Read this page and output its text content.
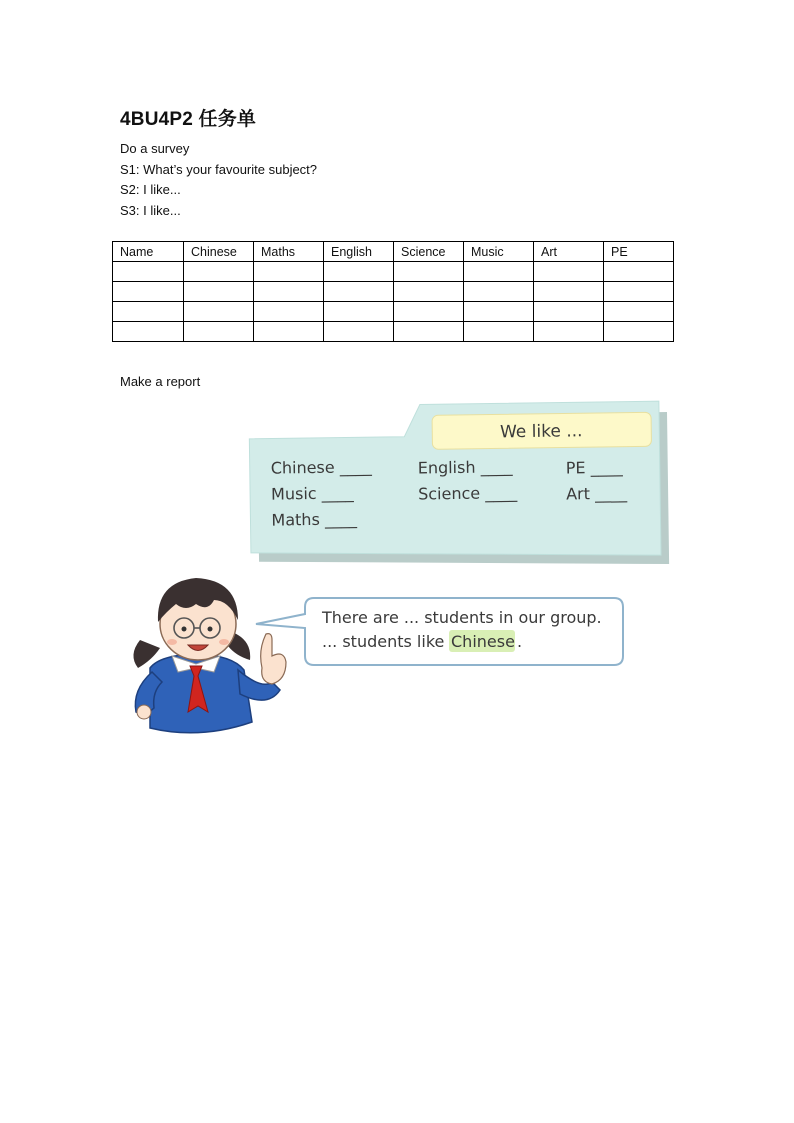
4BU4P2 任务单
Do a survey
S1: What’s your favourite subject?
S2: I like...
S3: I like...
Name	Chinese	Maths	English	Science	Music	Art	PE

Make a report
We like ...
Chinese ____
Music ____
Maths ____
English ____
Science ____
PE ____
Art ____
There are ... students in our group.
... students like Chinese .
